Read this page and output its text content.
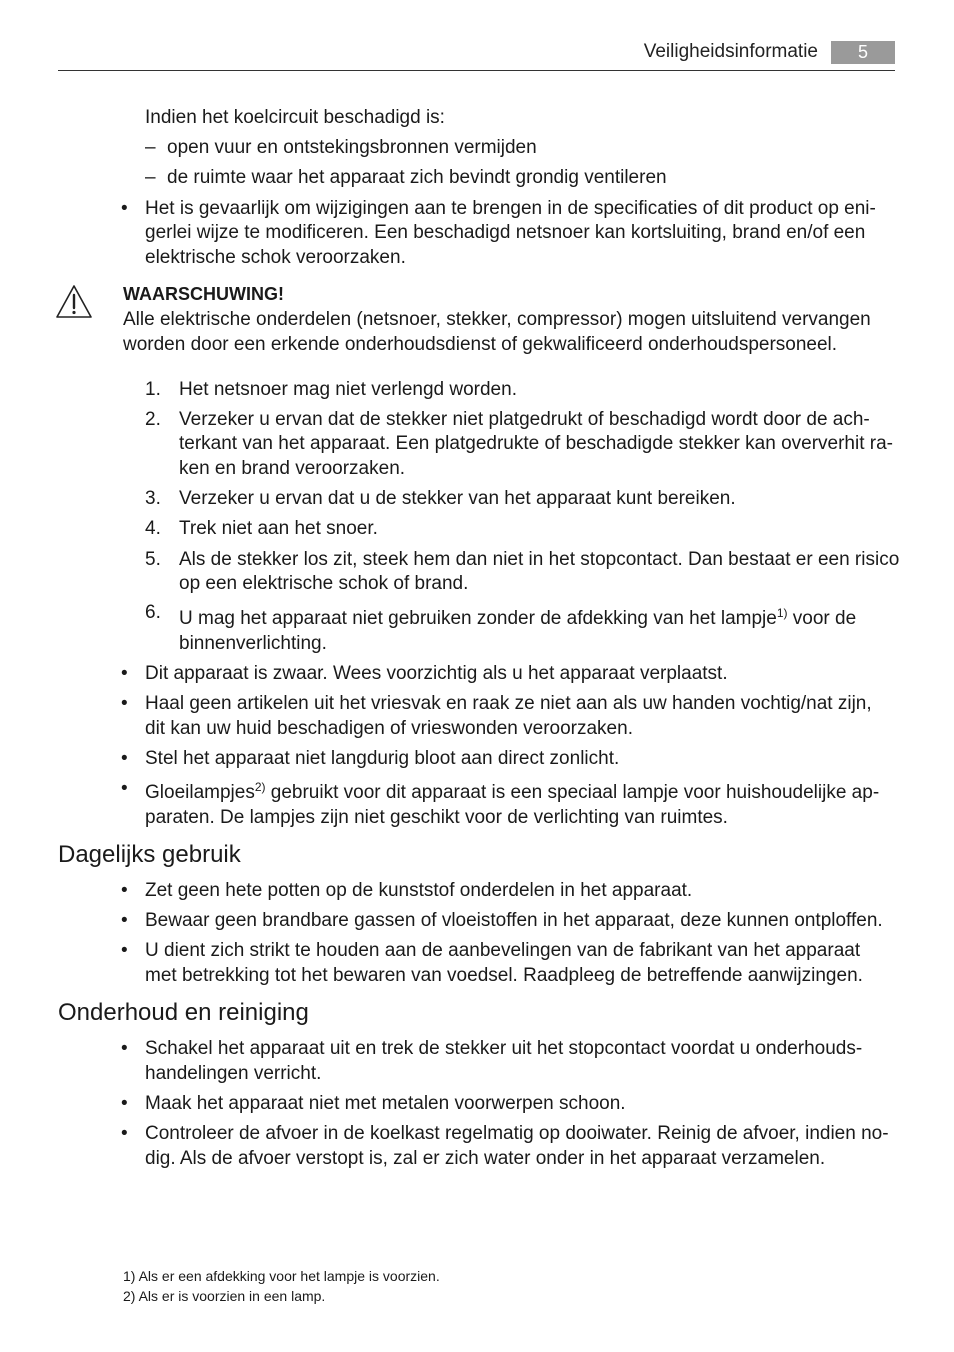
Veiligheidsinformatie	5
Indien het koelcircuit beschadigd is:
– open vuur en ontstekingsbronnen vermijden
– de ruimte waar het apparaat zich bevindt grondig ventileren
• Het is gevaarlijk om wijzigingen aan te brengen in de specificaties of dit product op eni-
gerlei wijze te modificeren. Een beschadigd netsnoer kan kortsluiting, brand en/of een
elektrische schok veroorzaken.
WAARSCHUWING!
Alle elektrische onderdelen (netsnoer, stekker, compressor) mogen uitsluitend vervangen
worden door een erkende onderhoudsdienst of gekwalificeerd onderhoudspersoneel.
1. Het netsnoer mag niet verlengd worden.
2. Verzeker u ervan dat de stekker niet platgedrukt of beschadigd wordt door de ach-
terkant van het apparaat. Een platgedrukte of beschadigde stekker kan oververhit ra-
ken en brand veroorzaken.
3. Verzeker u ervan dat u de stekker van het apparaat kunt bereiken.
4. Trek niet aan het snoer.
5. Als de stekker los zit, steek hem dan niet in het stopcontact. Dan bestaat er een risico
op een elektrische schok of brand.
6. U mag het apparaat niet gebruiken zonder de afdekking van het lampje$^{1)}$ voor de
binnenverlichting.
• Dit apparaat is zwaar. Wees voorzichtig als u het apparaat verplaatst.
• Haal geen artikelen uit het vriesvak en raak ze niet aan als uw handen vochtig/nat zijn,
dit kan uw huid beschadigen of vrieswonden veroorzaken.
• Stel het apparaat niet langdurig bloot aan direct zonlicht.
• Gloeilampjes$^{2)}$ gebruikt voor dit apparaat is een speciaal lampje voor huishoudelijke ap-
paraten. De lampjes zijn niet geschikt voor de verlichting van ruimtes.
Dagelijks gebruik
• Zet geen hete potten op de kunststof onderdelen in het apparaat.
• Bewaar geen brandbare gassen of vloeistoffen in het apparaat, deze kunnen ontploffen.
• U dient zich strikt te houden aan de aanbevelingen van de fabrikant van het apparaat
met betrekking tot het bewaren van voedsel. Raadpleeg de betreffende aanwijzingen.
Onderhoud en reiniging
• Schakel het apparaat uit en trek de stekker uit het stopcontact voordat u onderhouds-
handelingen verricht.
• Maak het apparaat niet met metalen voorwerpen schoon.
• Controleer de afvoer in de koelkast regelmatig op dooiwater. Reinig de afvoer, indien no-
dig. Als de afvoer verstopt is, zal er zich water onder in het apparaat verzamelen.
1) Als er een afdekking voor het lampje is voorzien.
2) Als er is voorzien in een lamp.
